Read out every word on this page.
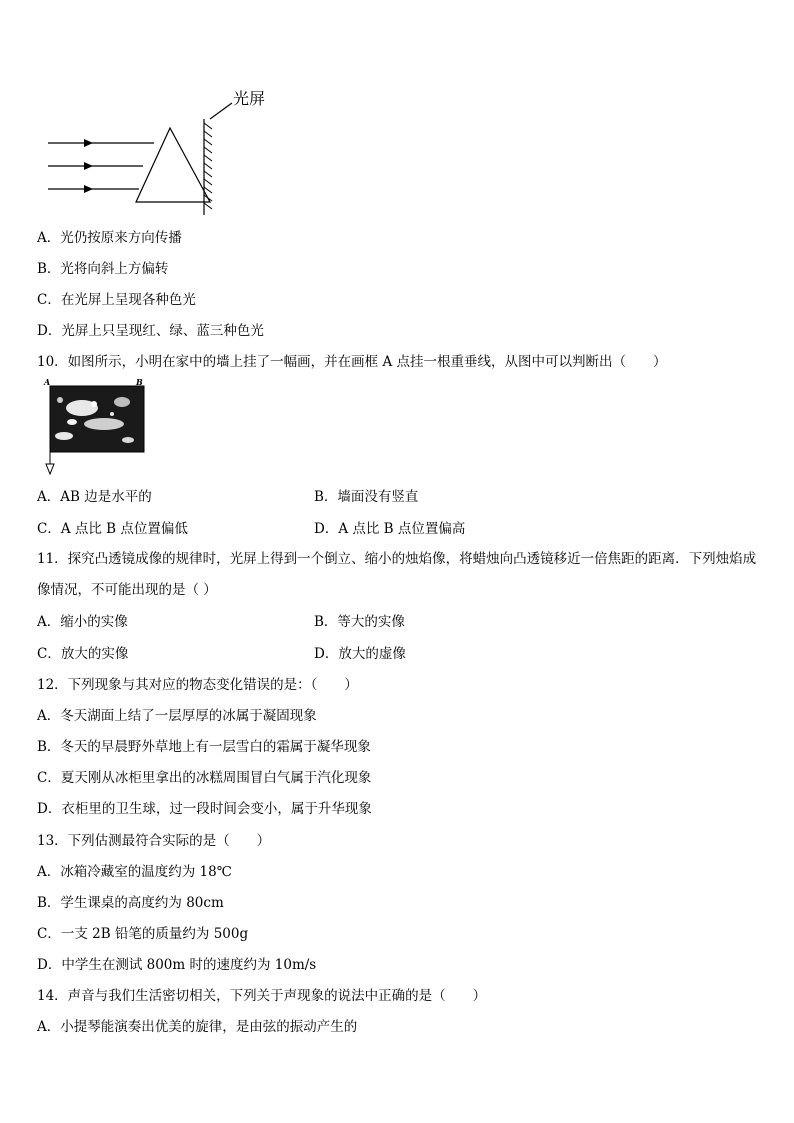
光屏
A．光仍按原来方向传播
B．光将向斜上方偏转
C．在光屏上呈现各种色光
D．光屏上只呈现红、绿、蓝三种色光
10．如图所示，小明在家中的墙上挂了一幅画，并在画框 A 点挂一根重垂线，从图中可以判断出（　　）
A	B
A．AB 边是水平的	B．墙面没有竖直
C．A 点比 B 点位置偏低	D．A 点比 B 点位置偏高
11．探究凸透镜成像的规律时，光屏上得到一个倒立、缩小的烛焰像，将蜡烛向凸透镜移近一倍焦距的距离．下列烛焰成像情况，不可能出现的是（ ）
A．缩小的实像	B．等大的实像
C．放大的实像	D．放大的虚像
12．下列现象与其对应的物态变化错误的是：（　　）
A．冬天湖面上结了一层厚厚的冰属于凝固现象
B．冬天的早晨野外草地上有一层雪白的霜属于凝华现象
C．夏天刚从冰柜里拿出的冰糕周围冒白气属于汽化现象
D．衣柜里的卫生球，过一段时间会变小，属于升华现象
13．下列估测最符合实际的是（　　）
A．冰箱冷藏室的温度约为 18℃
B．学生课桌的高度约为 80cm
C．一支 2B 铅笔的质量约为 500g
D．中学生在测试 800m 时的速度约为 10m/s
14．声音与我们生活密切相关，下列关于声现象的说法中正确的是（　　）
A．小提琴能演奏出优美的旋律，是由弦的振动产生的
